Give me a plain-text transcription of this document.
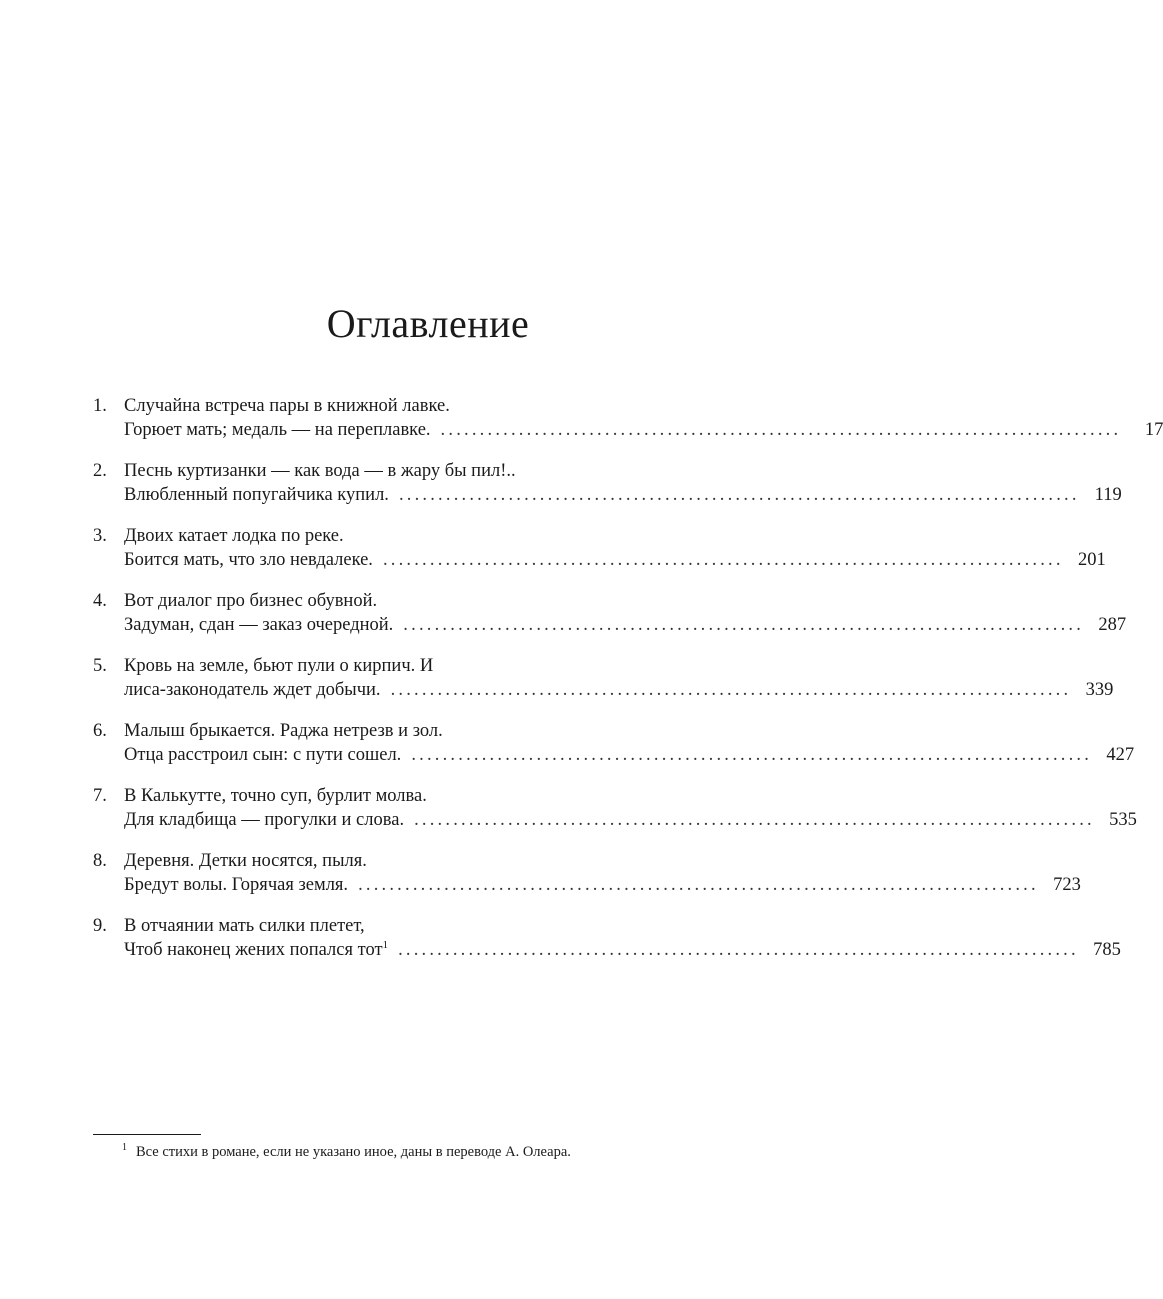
Оглавление
1. Случайна встреча пары в книжной лавке.
Горюет мать; медаль — на переплавке. .......................................................................................	17
2. Песнь куртизанки — как вода — в жару бы пил!..
Влюбленный попугайчика купил. ....................................................................................... 119
3. Двоих катает лодка по реке.
Боится мать, что зло невдалеке. ....................................................................................... 201
4. Вот диалог про бизнес обувной.
Задуман, сдан — заказ очередной. ....................................................................................... 287
5. Кровь на земле, бьют пули о кирпич. И
лиса-законодатель ждет добычи. ....................................................................................... 339
6. Малыш брыкается. Раджа нетрезв и зол.
Отца расстроил сын: с пути сошел. ....................................................................................... 427
7. В Калькутте, точно суп, бурлит молва.
Для кладбища — прогулки и слова. ....................................................................................... 535
8. Деревня. Детки носятся, пыля.
Бредут волы. Горячая земля. ....................................................................................... 723
9. В отчаянии мать силки плетет,
Чтоб наконец жених попался тот$^1$ ....................................................................................... 785
$^1$ Все стихи в романе, если не указано иное, даны в переводе А. Олеара.
